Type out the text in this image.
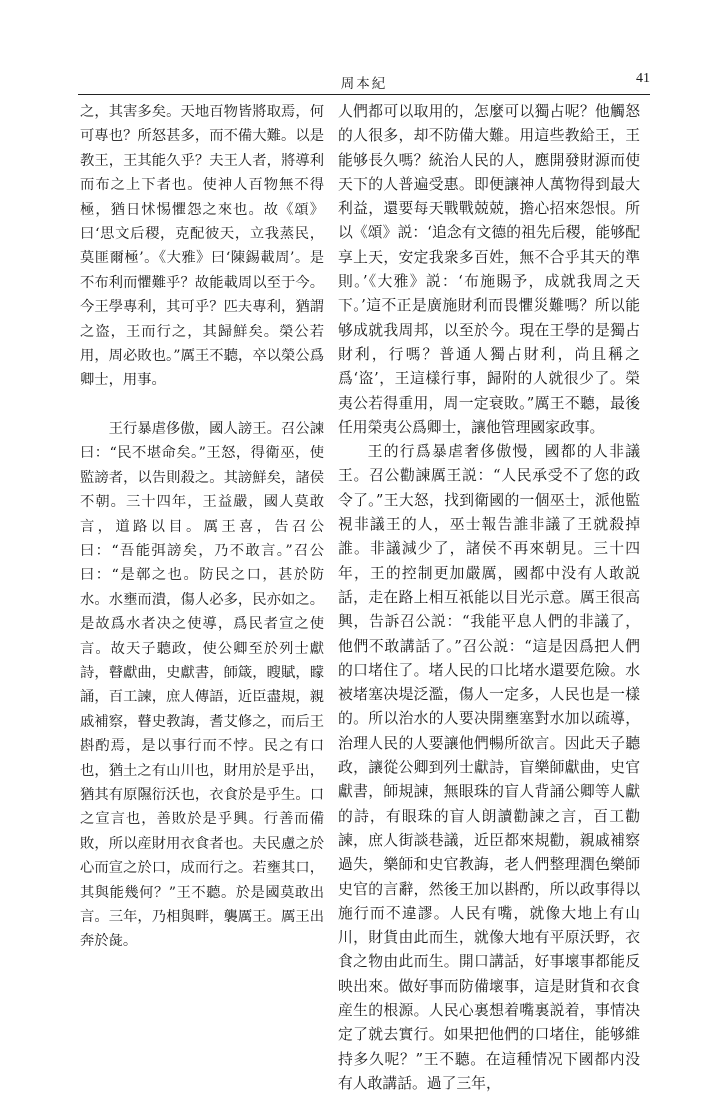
周本紀	41

之，其害多矣。天地百物皆將取焉，何可專也？所怒甚多，而不備大難。以是教王，王其能久乎？夫王人者，將導利而布之上下者也。使神人百物無不得極，猶日怵惕懼怨之來也。故《頌》曰‘思文后稷，克配彼天，立我蒸民，莫匪爾極’。《大雅》曰‘陳錫載周’。是不布利而懼難乎？故能載周以至于今。今王學專利，其可乎？匹夫專利，猶謂之盗，王而行之，其歸鮮矣。榮公若用，周必敗也。”厲王不聽，卒以榮公爲卿士，用事。

王行暴虐侈傲，國人謗王。召公諫曰：“民不堪命矣。”王怒，得衛巫，使監謗者，以告則殺之。其謗鮮矣，諸侯不朝。三十四年，王益嚴，國人莫敢言，道路以目。厲王喜，告召公曰：“吾能弭謗矣，乃不敢言。”召公曰：“是鄣之也。防民之口，甚於防水。水壅而潰，傷人必多，民亦如之。是故爲水者决之使導，爲民者宣之使言。故天子聽政，使公卿至於列士獻詩，瞽獻曲，史獻書，師箴，瞍賦，矇誦，百工諫，庶人傳語，近臣盡規，親戚補察，瞽史教誨，耆艾修之，而后王斟酌焉，是以事行而不悖。民之有口也，猶土之有山川也，財用於是乎出，猶其有原隰衍沃也，衣食於是乎生。口之宣言也，善敗於是乎興。行善而備敗，所以産財用衣食者也。夫民慮之於心而宣之於口，成而行之。若壅其口，其與能幾何？”王不聽。於是國莫敢出言。三年，乃相與畔，襲厲王。厲王出奔於彘。

人們都可以取用的，怎麼可以獨占呢？他觸怒的人很多，却不防備大難。用這些教給王，王能够長久嗎？統治人民的人，應開發財源而使天下的人普遍受惠。即便讓神人萬物得到最大利益，還要每天戰戰兢兢，擔心招來怨恨。所以《頌》説：‘追念有文德的祖先后稷，能够配享上天，安定我衆多百姓，無不合乎其天的準則。’《大雅》説：‘布施賜予，成就我周之天下。’這不正是廣施財利而畏懼災難嗎？所以能够成就我周邦，以至於今。現在王學的是獨占財利，行嗎？普通人獨占財利，尚且稱之爲‘盗’，王這樣行事，歸附的人就很少了。榮夷公若得重用，周一定衰敗。”厲王不聽，最後任用榮夷公爲卿士，讓他管理國家政事。

王的行爲暴虐奢侈傲慢，國都的人非議王。召公勸諫厲王説：“人民承受不了您的政令了。”王大怒，找到衛國的一個巫士，派他監視非議王的人，巫士報告誰非議了王就殺掉誰。非議減少了，諸侯不再來朝見。三十四年，王的控制更加嚴厲，國都中没有人敢説話，走在路上相互祇能以目光示意。厲王很高興，告訴召公説：“我能平息人們的非議了，他們不敢講話了。”召公説：“這是因爲把人們的口堵住了。堵人民的口比堵水還要危險。水被堵塞决堤泛濫，傷人一定多，人民也是一樣的。所以治水的人要决開壅塞對水加以疏導，治理人民的人要讓他們暢所欲言。因此天子聽政，讓從公卿到列士獻詩，盲樂師獻曲，史官獻書，師規諫，無眼珠的盲人背誦公卿等人獻的詩，有眼珠的盲人朗讀勸諫之言，百工勸諫，庶人街談巷議，近臣都來規勸，親戚補察過失，樂師和史官教誨，老人們整理潤色樂師史官的言辭，然後王加以斟酌，所以政事得以施行而不違謬。人民有嘴，就像大地上有山川，財貨由此而生，就像大地有平原沃野，衣食之物由此而生。開口講話，好事壞事都能反映出來。做好事而防備壞事，這是財貨和衣食産生的根源。人民心裏想着嘴裏説着，事情决定了就去實行。如果把他們的口堵住，能够維持多久呢？”王不聽。在這種情况下國都内没有人敢講話。過了三年，
